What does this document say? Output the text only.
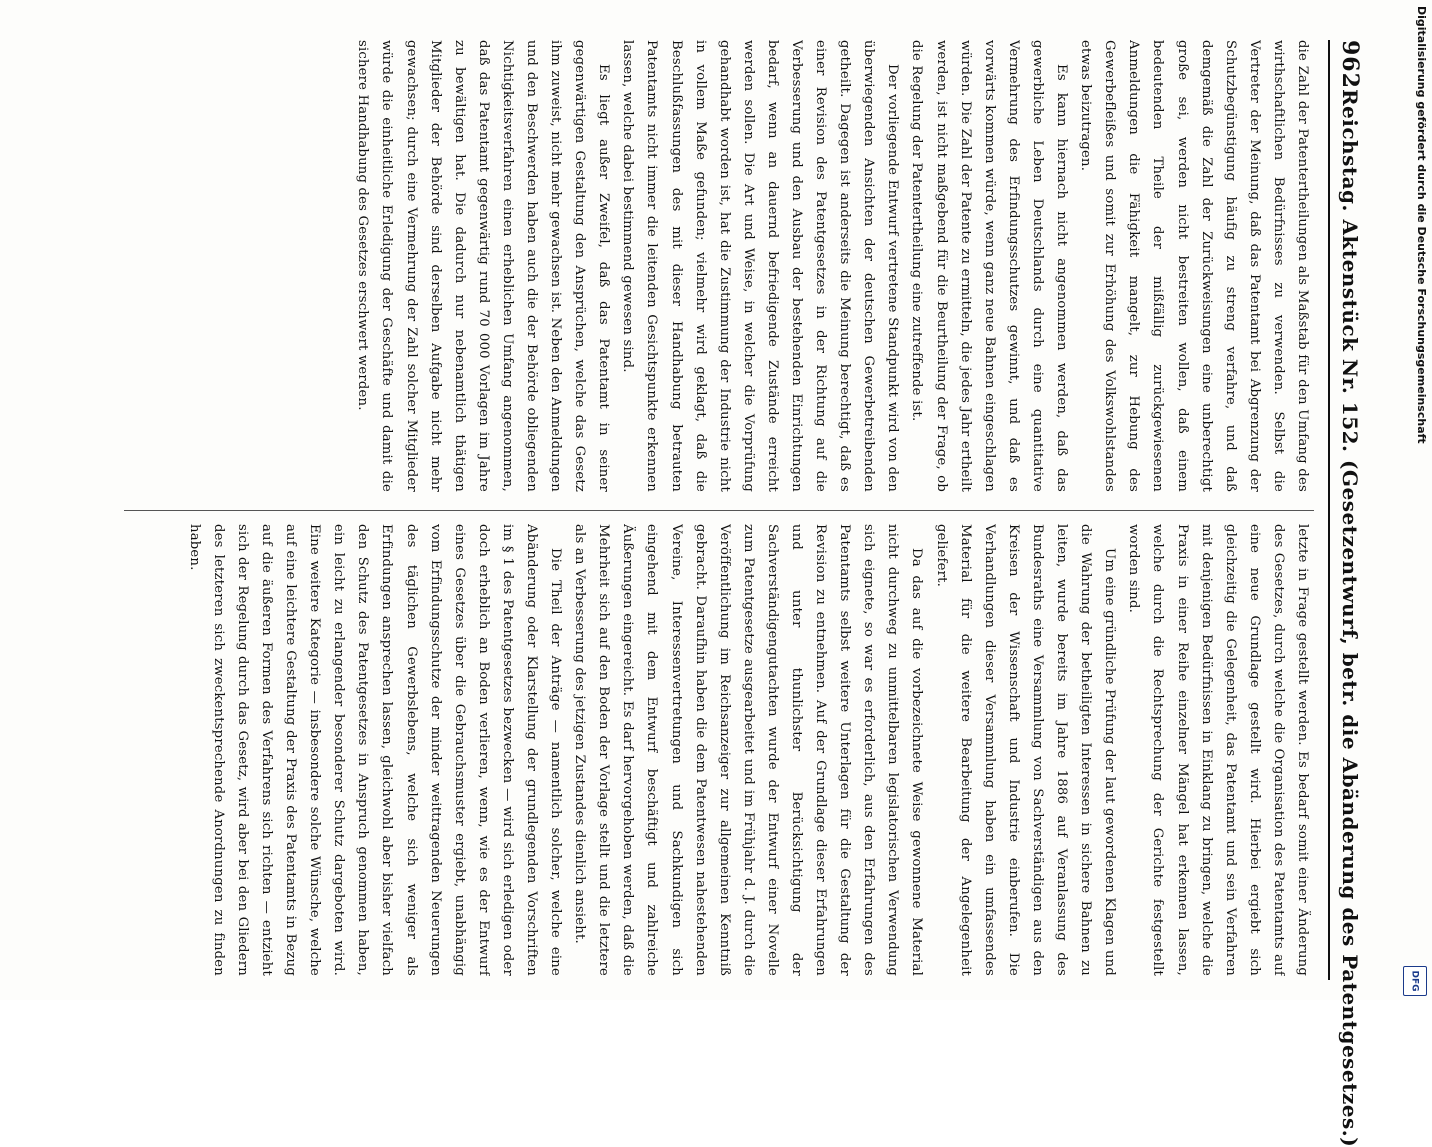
962
Reichstag. Aktenstück Nr. 152. (Gesetzentwurf, betr. die Abänderung des Patentgesetzes.)

die Zahl der Patentertheilungen als Maßstab für den Umfang des wirthschaftlichen Bedürfnisses zu verwenden. Selbst die Vertreter der Meinung, daß das Patentamt bei Abgrenzung der Schutzbegünstigung häufig zu streng verfahre, und daß demgemäß die Zahl der Zurückweisungen eine unberechtigt große sei, werden nicht bestreiten wollen, daß einem bedeutenden Theile der mißfällig zurückgewiesenen Anmeldungen die Fähigkeit mangelt, zur Hebung des Gewerbefleißes und somit zur Erhöhung des Volkswohlstandes etwas beizutragen.

Es kann hiernach nicht angenommen werden, daß das gewerbliche Leben Deutschlands durch eine quantitative Vermehrung des Erfindungsschutzes gewinnt, und daß es vorwärts kommen würde, wenn ganz neue Bahnen eingeschlagen würden. Die Zahl der Patente zu ermitteln, die jedes Jahr ertheilt werden, ist nicht maßgebend für die Beurtheilung der Frage, ob die Regelung der Patentertheilung eine zutreffende ist.

Der vorliegende Entwurf vertretene Standpunkt wird von den überwiegenden Ansichten der deutschen Gewerbetreibenden getheilt. Dagegen ist anderseits die Meinung berechtigt, daß es einer Revision des Patentgesetzes in der Richtung auf die Verbesserung und den Ausbau der bestehenden Einrichtungen bedarf, wenn an dauernd befriedigende Zustände erreicht werden sollen. Die Art und Weise, in welcher die Vorprüfung gehandhabt worden ist, hat die Zustimmung der Industrie nicht in vollem Maße gefunden; vielmehr wird geklagt, daß die Beschlußfassungen des mit dieser Handhabung betrauten Patentamts nicht immer die leitenden Gesichtspunkte erkennen lassen, welche dabei bestimmend gewesen sind.

Es liegt außer Zweifel, daß das Patentamt in seiner gegenwärtigen Gestaltung den Ansprüchen, welche das Gesetz ihm zuweist, nicht mehr gewachsen ist. Neben den Anmeldungen und den Beschwerden haben auch die der Behörde obliegenden Nichtigkeitsverfahren einen erheblichen Umfang angenommen, daß das Patentamt gegenwärtig rund 70 000 Vorlagen im Jahre zu bewältigen hat. Die dadurch nur nebenamtlich thätigen Mitglieder der Behörde sind derselben Aufgabe nicht mehr gewachsen; durch eine Vermehrung der Zahl solcher Mitglieder würde die einheitliche Erledigung der Geschäfte und damit die sichere Handhabung des Gesetzes erschwert werden.

letzte in Frage gestellt werden. Es bedarf somit einer Änderung des Gesetzes, durch welche die Organisation des Patentamts auf eine neue Grundlage gestellt wird. Hierbei ergiebt sich gleichzeitig die Gelegenheit, das Patentamt und sein Verfahren mit denjenigen Bedürfnissen in Einklang zu bringen, welche die Praxis in einer Reihe einzelner Mängel hat erkennen lassen, welche durch die Rechtsprechung der Gerichte festgestellt worden sind.

Um eine gründliche Prüfung der laut gewordenen Klagen und die Wahrung der betheiligten Interessen in sichere Bahnen zu leiten, wurde bereits im Jahre 1886 auf Veranlassung des Bundesraths eine Versammlung von Sachverständigen aus den Kreisen der Wissenschaft und Industrie einberufen. Die Verhandlungen dieser Versammlung haben ein umfassendes Material für die weitere Bearbeitung der Angelegenheit geliefert.

Da das auf die vorbezeichnete Weise gewonnene Material nicht durchweg zu unmittelbaren legislatorischen Verwendung sich eignete, so war es erforderlich, aus den Erfahrungen des Patentamts selbst weitere Unterlagen für die Gestaltung der Revision zu entnehmen. Auf der Grundlage dieser Erfahrungen und unter thunlichster Berücksichtigung der Sachverständigengutachten wurde der Entwurf einer Novelle zum Patentgesetze ausgearbeitet und im Frühjahr d. J. durch die Veröffentlichung im Reichsanzeiger zur allgemeinen Kenntniß gebracht. Daraufhin haben die dem Patentwesen nahestehenden Vereine, Interessenvertretungen und Sachkundigen sich eingehend mit dem Entwurf beschäftigt und zahlreiche Äußerungen eingereicht. Es darf hervorgehoben werden, daß die Mehrheit sich auf den Boden der Vorlage stellt und die letztere als an Verbesserung des jetzigen Zustandes dienlich ansieht.

Die Theil der Anträge — namentlich solcher, welche eine Abänderung oder Klarstellung der grundlegenden Vorschriften im § 1 des Patentgesetzes bezwecken — wird sich erledigen oder doch erheblich an Boden verlieren, wenn, wie es der Entwurf eines Gesetzes über die Gebrauchsmuster ergiebt, unabhängig vom Erfindungsschutze der minder weittragenden Neuerungen des täglichen Gewerbslebens, welche sich weniger als Erfindungen ansprechen lassen, gleichwohl aber bisher vielfach den Schutz des Patentgesetzes in Anspruch genommen haben, ein leicht zu erlangender besonderer Schutz dargeboten wird. Eine weitere Kategorie — insbesondere solche Wünsche, welche auf eine leichtere Gestaltung der Praxis des Patentamts in Bezug auf die äußeren Formen des Verfahrens sich richten — entzieht sich der Regelung durch das Gesetz, wird aber bei den Gliedern des letzteren sich zweckentsprechende Anordnungen zu finden haben.

Digitalisierung gefördert durch die Deutsche Forschungsgemeinschaft
DFG
